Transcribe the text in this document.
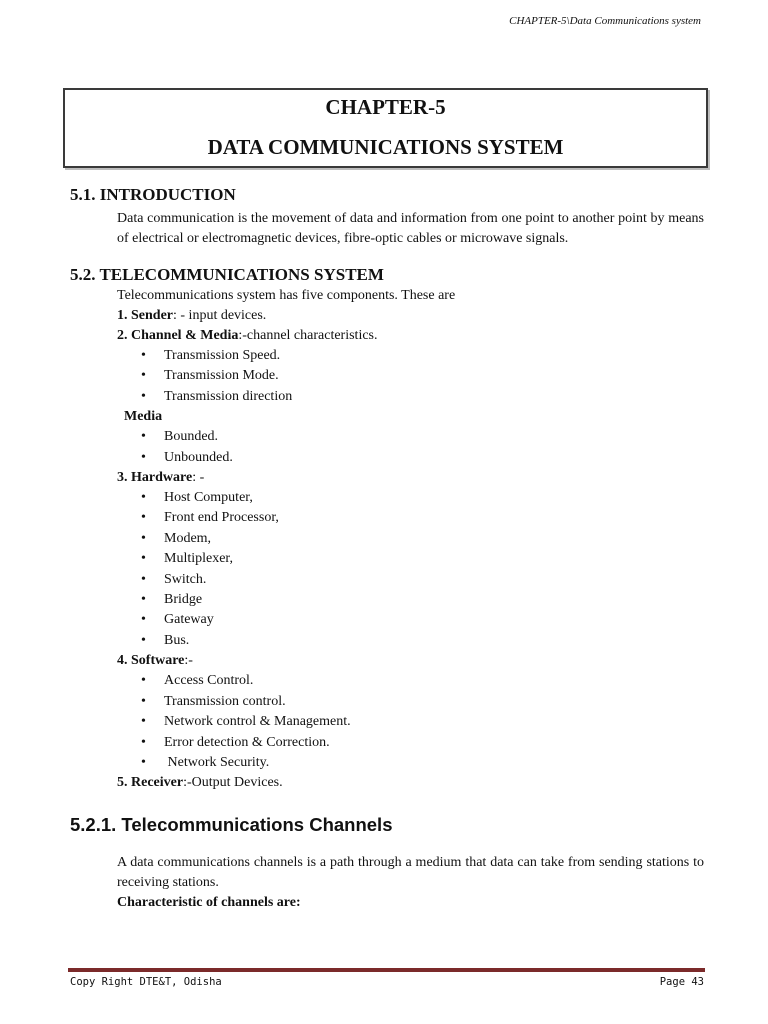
CHAPTER-5\Data Communications system
CHAPTER-5
DATA COMMUNICATIONS SYSTEM
5.1. INTRODUCTION

Data communication is the movement of data and information from one point to another point by means of electrical or electromagnetic devices, fibre-optic cables or microwave signals.

5.2. TELECOMMUNICATIONS SYSTEM

Telecommunications system has five components. These are

1. Sender: - input devices.
2. Channel & Media:-channel characteristics.
• Transmission Speed.
• Transmission Mode.
• Transmission direction
Media
• Bounded.
• Unbounded.
3. Hardware: -
• Host Computer,
• Front end Processor,
• Modem,
• Multiplexer,
• Switch.
• Bridge
• Gateway
• Bus.
4. Software:-
• Access Control.
• Transmission control.
• Network control & Management.
• Error detection & Correction.
•  Network Security.
5. Receiver:-Output Devices.
5.2.1. Telecommunications Channels

A data communications channels is a path through a medium that data can take from sending stations to receiving stations.

Characteristic of channels are:
Copy Right DTE&T, Odisha	Page 43
